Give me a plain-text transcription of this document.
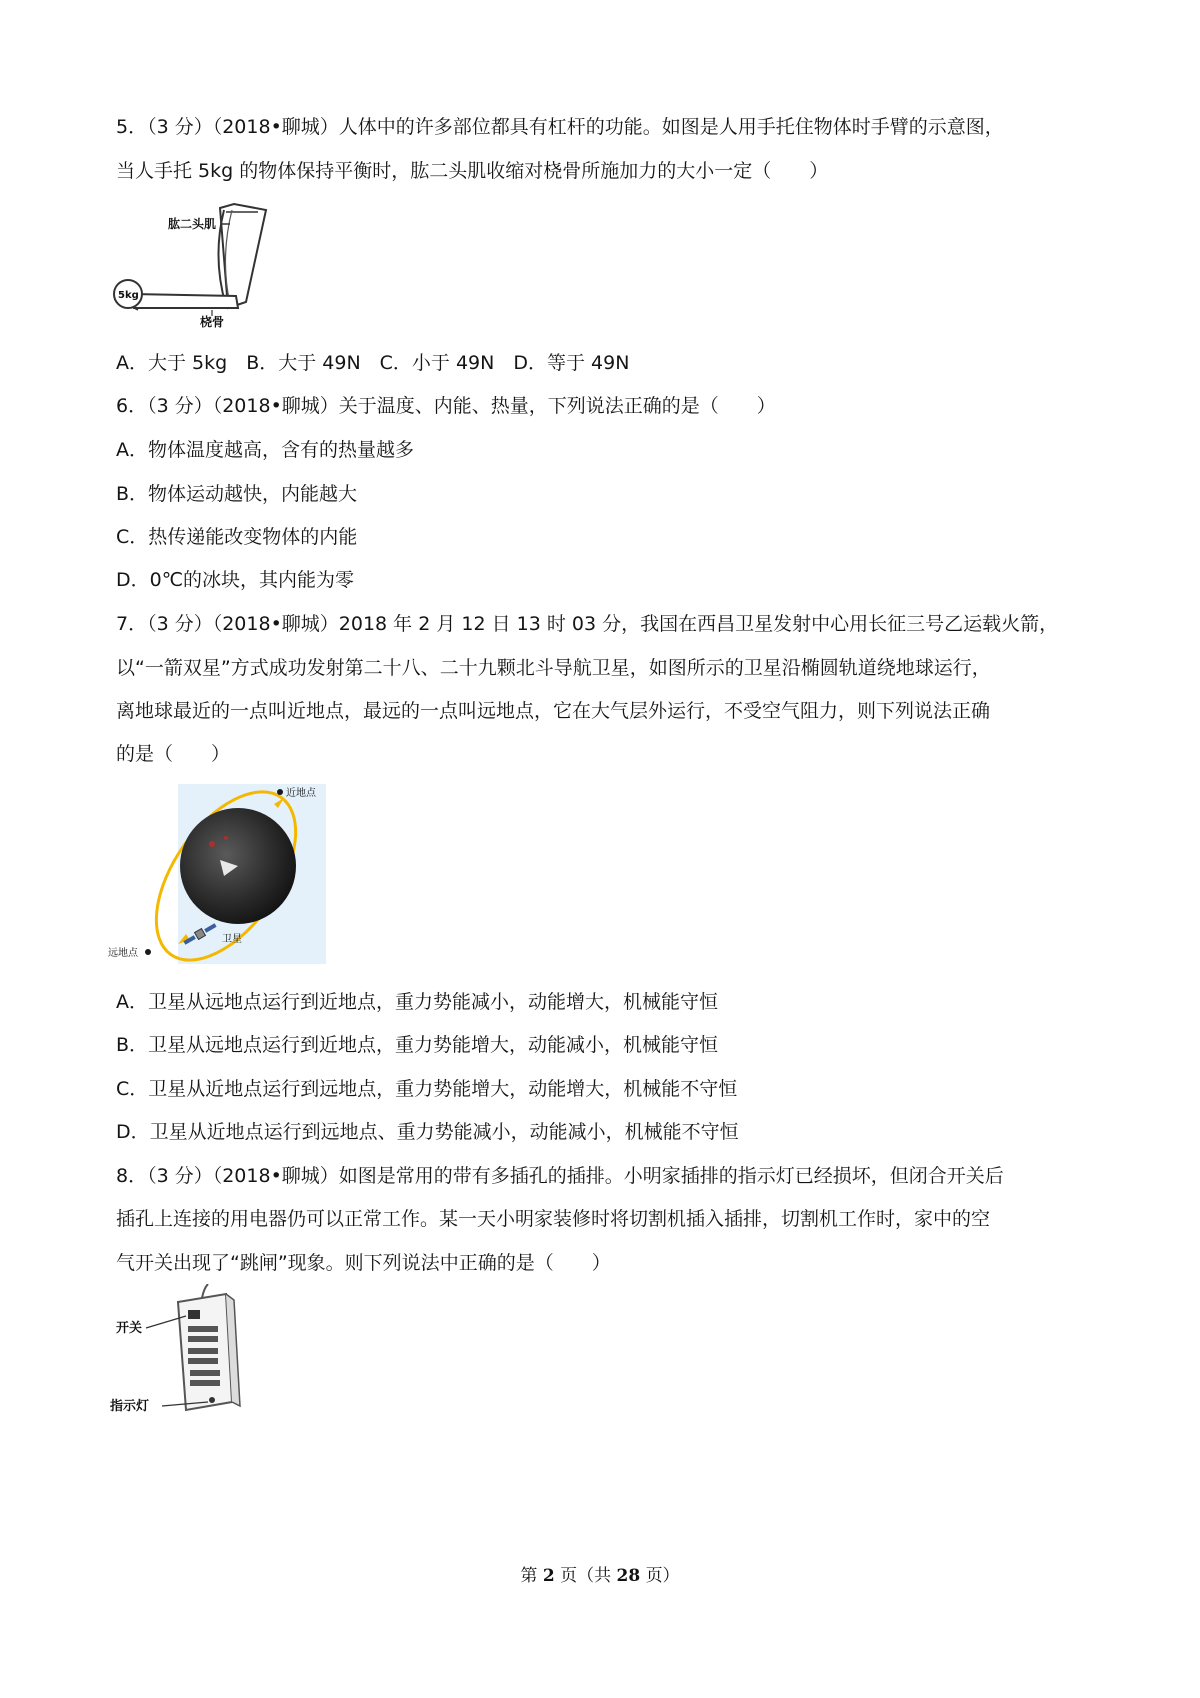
5．（3 分）（2018•聊城）人体中的许多部位都具有杠杆的功能。如图是人用手托住物体时手臂的示意图，
当人手托 5kg 的物体保持平衡时，肱二头肌收缩对桡骨所施加力的大小一定（　　）
5kg
肱二头肌
桡骨
A．大于 5kg　B．大于 49N　C．小于 49N　D．等于 49N
6．（3 分）（2018•聊城）关于温度、内能、热量，下列说法正确的是（　　）
A．物体温度越高，含有的热量越多
B．物体运动越快，内能越大
C．热传递能改变物体的内能
D．0℃的冰块，其内能为零
7．（3 分）（2018•聊城）2018 年 2 月 12 日 13 时 03 分，我国在西昌卫星发射中心用长征三号乙运载火箭，
以“一箭双星”方式成功发射第二十八、二十九颗北斗导航卫星，如图所示的卫星沿椭圆轨道绕地球运行，
离地球最近的一点叫近地点，最远的一点叫远地点，它在大气层外运行，不受空气阻力，则下列说法正确
的是（　　）
近地点
远地点
卫星
A．卫星从远地点运行到近地点，重力势能减小，动能增大，机械能守恒
B．卫星从远地点运行到近地点，重力势能增大，动能减小，机械能守恒
C．卫星从近地点运行到远地点，重力势能增大，动能增大，机械能不守恒
D．卫星从近地点运行到远地点、重力势能减小，动能减小，机械能不守恒
8．（3 分）（2018•聊城）如图是常用的带有多插孔的插排。小明家插排的指示灯已经损坏，但闭合开关后
插孔上连接的用电器仍可以正常工作。某一天小明家装修时将切割机插入插排，切割机工作时，家中的空
气开关出现了“跳闸”现象。则下列说法中正确的是（　　）
开关
指示灯
第 2 页（共 28 页）
